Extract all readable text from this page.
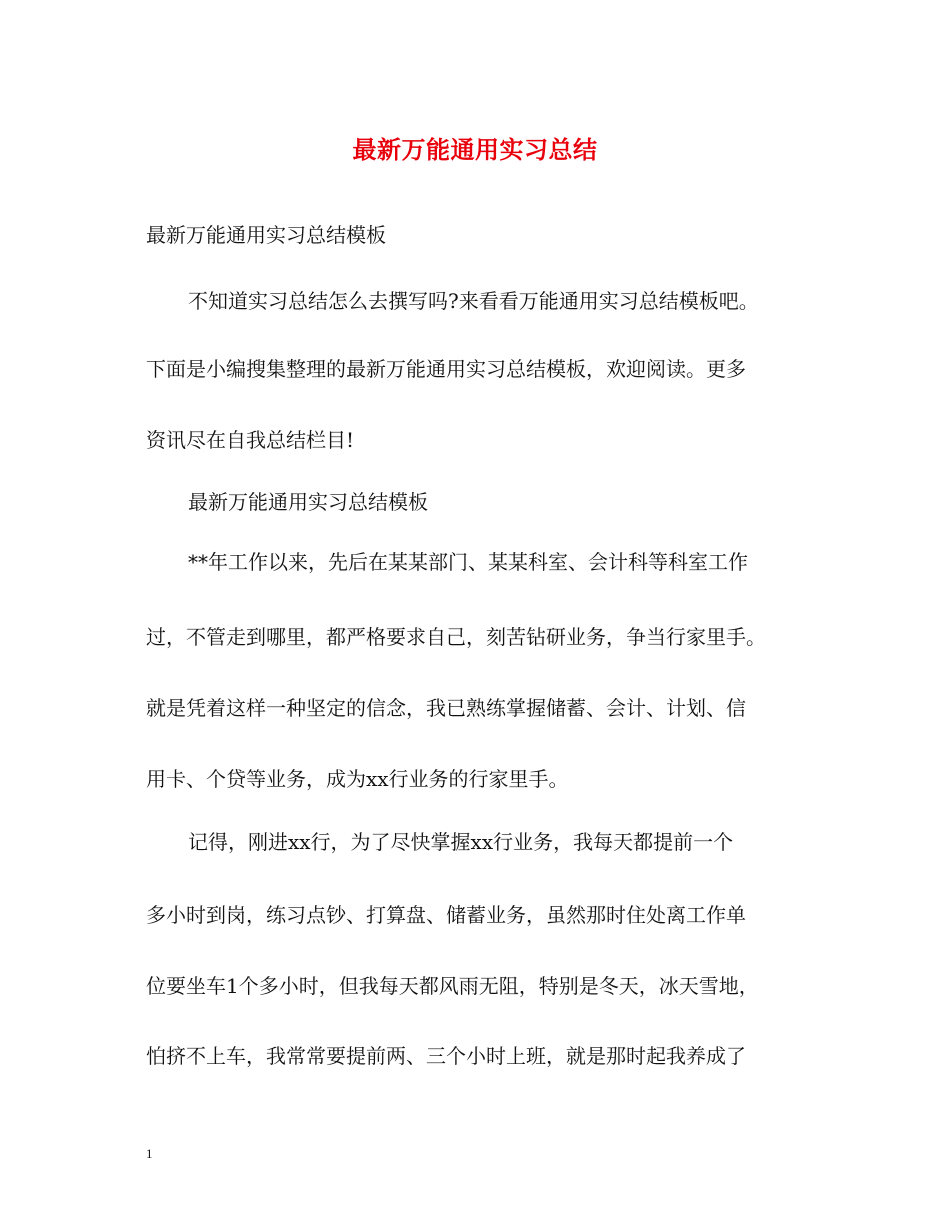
最新万能通用实习总结
最新万能通用实习总结模板
不知道实习总结怎么去撰写吗?来看看万能通用实习总结模板吧。
下面是小编搜集整理的最新万能通用实习总结模板，欢迎阅读。更多
资讯尽在自我总结栏目!
最新万能通用实习总结模板
**年工作以来，先后在某某部门、某某科室、会计科等科室工作
过，不管走到哪里，都严格要求自己，刻苦钻研业务，争当行家里手。
就是凭着这样一种坚定的信念，我已熟练掌握储蓄、会计、计划、信
用卡、个贷等业务，成为xx行业务的行家里手。
记得，刚进xx行，为了尽快掌握xx行业务，我每天都提前一个
多小时到岗，练习点钞、打算盘、储蓄业务，虽然那时住处离工作单
位要坐车1个多小时，但我每天都风雨无阻，特别是冬天，冰天雪地，
怕挤不上车，我常常要提前两、三个小时上班，就是那时起我养成了
1
